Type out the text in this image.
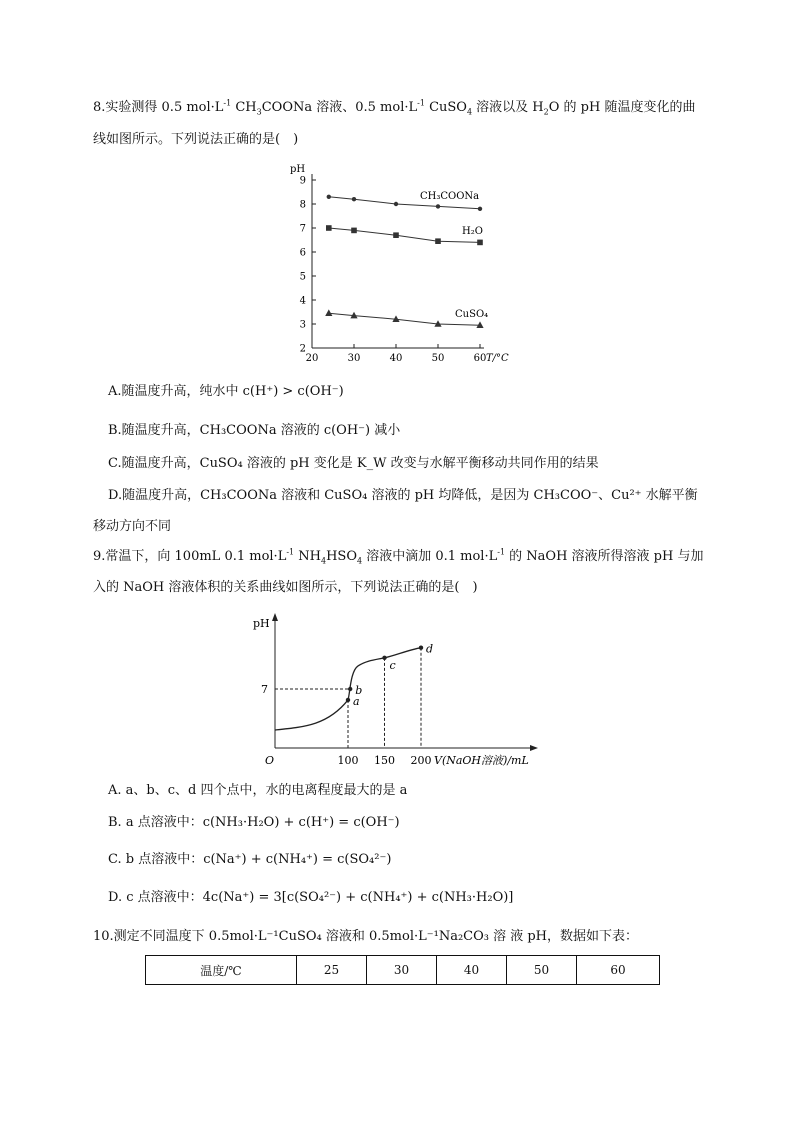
8.实验测得 0.5 $mol\cdot L^{-1}$ $CH_3COONa$ 溶液、0.5 $mol\cdot L^{-1}$ CuSO$_4$ 溶液以及 $H_2O$ 的 pH 随温度变化的曲
线如图所示。下列说法正确的是(　)
pH
T/°C
2
3
4
5
6
7
8
9
20	30	40	50	60
CH₃COONa
H₂O
CuSO₄
A.随温度升高，纯水中 c(H⁺) > c(OH⁻)
B.随温度升高，CH₃COONa 溶液的 c(OH⁻) 减小
C.随温度升高，CuSO₄ 溶液的 pH 变化是 K_W 改变与水解平衡移动共同作用的结果
D.随温度升高，CH₃COONa 溶液和 CuSO₄ 溶液的 pH 均降低，是因为 CH₃COO⁻、Cu²⁺ 水解平衡
移动方向不同
9.常温下，向 100mL 0.1 $mol\cdot L^{-1}$ $NH_4HSO_4$ 溶液中滴加 0.1 $mol\cdot L^{-1}$ 的 NaOH 溶液所得溶液 pH 与加
入的 NaOH 溶液体积的关系曲线如图所示，下列说法正确的是(　)
pH
V(NaOH溶液)/mL
O
7
100 150 200
a
b
c
d
A. a、b、c、d 四个点中，水的电离程度最大的是 a
B. a 点溶液中：c(NH₃·H₂O) + c(H⁺) = c(OH⁻)
C. b 点溶液中：c(Na⁺) + c(NH₄⁺) = c(SO₄²⁻)
D. c 点溶液中：4c(Na⁺) = 3[c(SO₄²⁻) + c(NH₄⁺) + c(NH₃·H₂O)]
10.测定不同温度下 0.5mol·L⁻¹CuSO₄ 溶液和 0.5mol·L⁻¹Na₂CO₃ 溶 液 pH，数据如下表：
温度/℃	25	30	40	50	60
